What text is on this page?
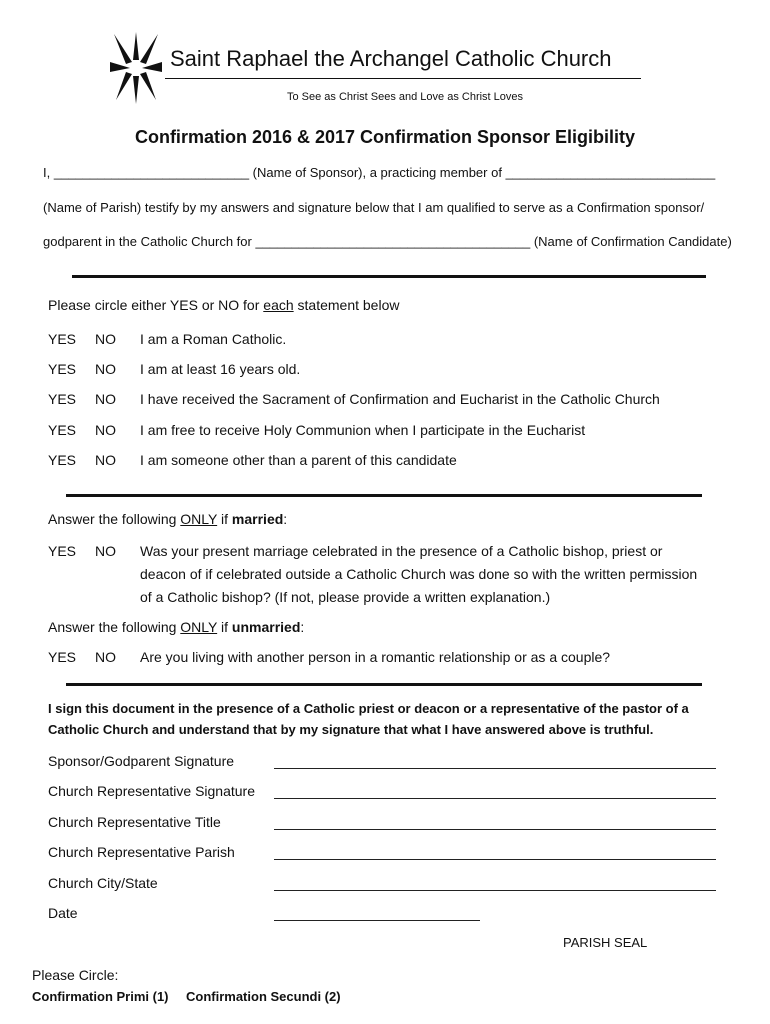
Saint Raphael the Archangel Catholic Church
To See as Christ Sees and Love as Christ Loves
Confirmation 2016 & 2017 Confirmation Sponsor Eligibility
I, ___________________________ (Name of Sponsor), a practicing member of _____________________________
(Name of Parish) testify by my answers and signature below that I am qualified to serve as a Confirmation sponsor/
godparent in the Catholic Church for ______________________________________ (Name of Confirmation Candidate)
Please circle either YES or NO for each statement below
YES NO I am a Roman Catholic.
YES NO I am at least 16 years old.
YES NO I have received the Sacrament of Confirmation and Eucharist in the Catholic Church
YES NO I am free to receive Holy Communion when I participate in the Eucharist
YES NO I am someone other than a parent of this candidate
Answer the following ONLY if married:
YES NO Was your present marriage celebrated in the presence of a Catholic bishop, priest or
deacon of if celebrated outside a Catholic Church was done so with the written permission
of a Catholic bishop? (If not, please provide a written explanation.)
Answer the following ONLY if unmarried:
YES NO Are you living with another person in a romantic relationship or as a couple?
I sign this document in the presence of a Catholic priest or deacon or a representative of the pastor of a
Catholic Church and understand that by my signature that what I have answered above is truthful.
Sponsor/Godparent Signature
Church Representative Signature
Church Representative Title
Church Representative Parish
Church City/State
Date
PARISH SEAL
Please Circle:
Confirmation Primi (1) Confirmation Secundi (2)
